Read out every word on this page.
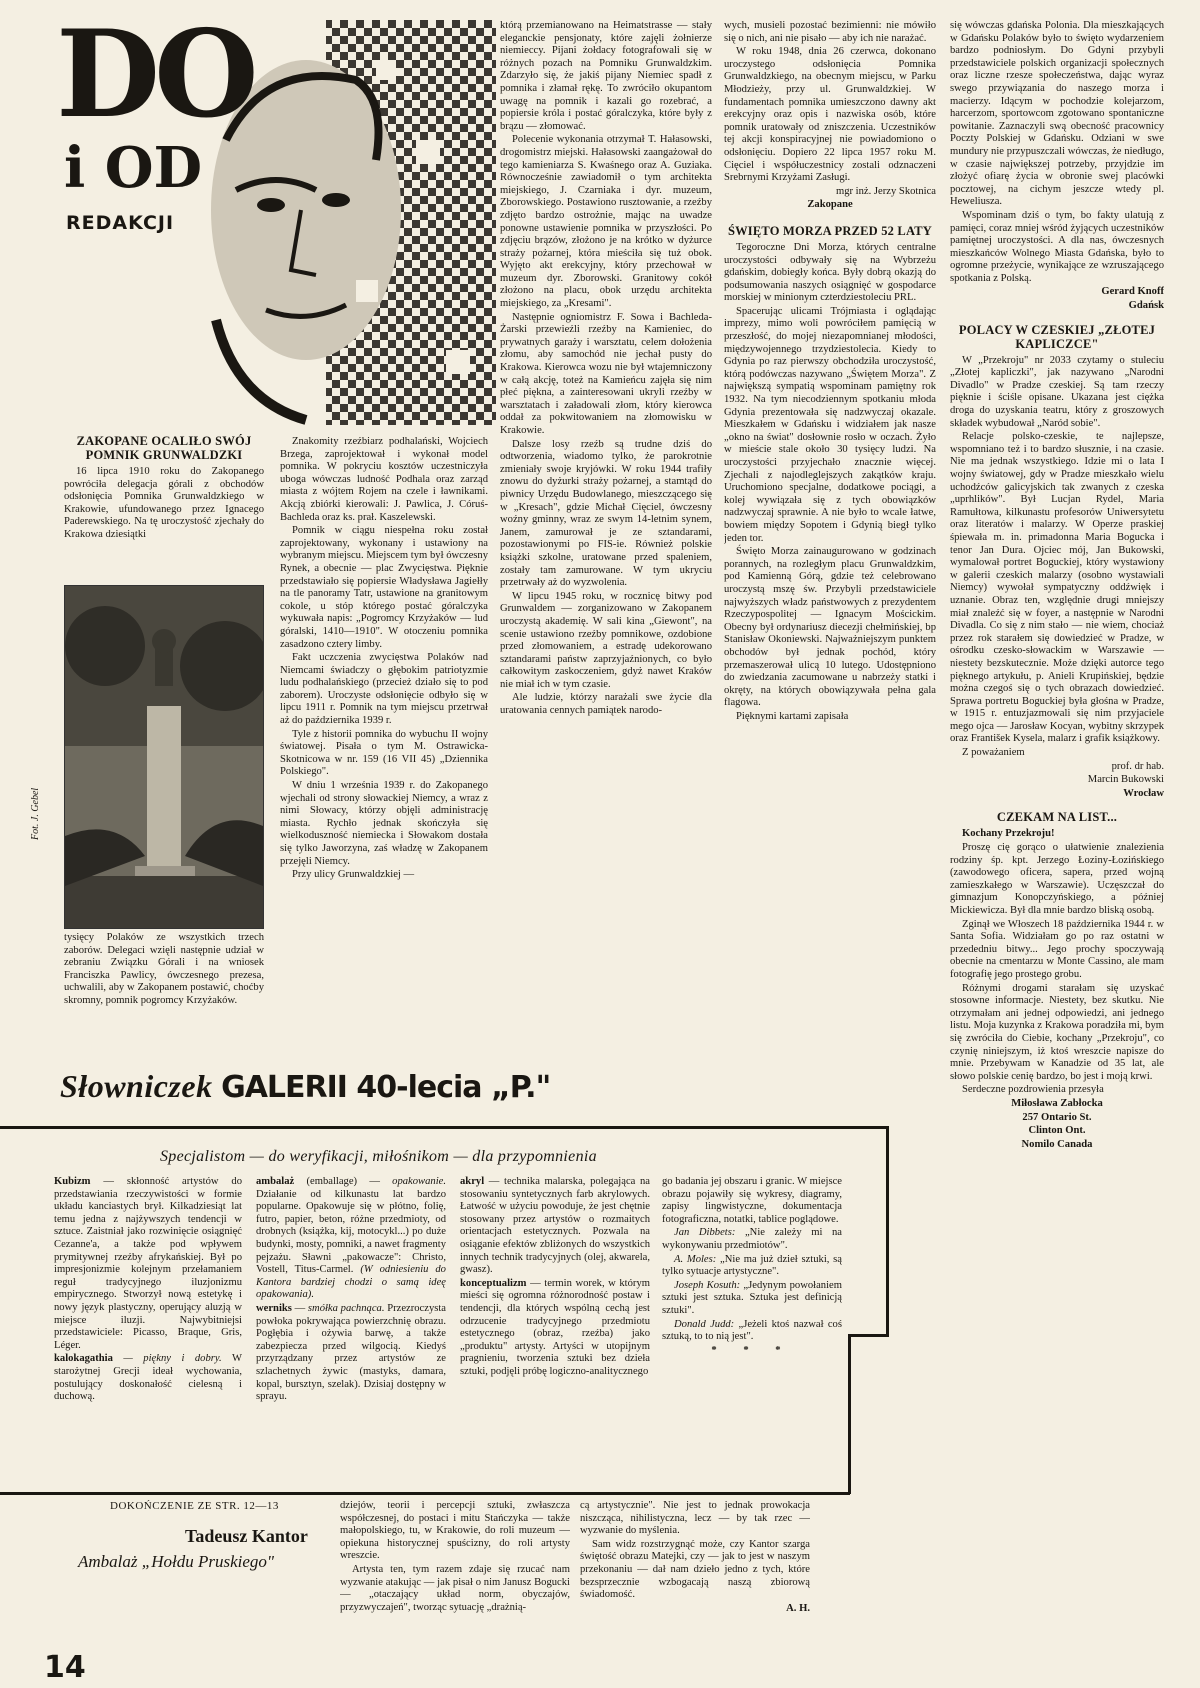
DO
i OD
REDAKCJI
ZAKOPANE OCALIŁO SWÓJ POMNIK GRUNWALDZKI

16 lipca 1910 roku do Zakopanego powróciła delegacja górali z obchodów odsłonięcia Pomnika Grunwaldzkiego w Krakowie, ufundowanego przez Ignacego Paderewskiego. Na tę uroczystość zjechały do Krakowa dziesiątki

Fot. J. Gebel

tysięcy Polaków ze wszystkich trzech zaborów. Delegaci wzięli następnie udział w zebraniu Związku Górali i na wniosek Franciszka Pawlicy, ówczesnego prezesa, uchwalili, aby w Zakopanem postawić, choćby skromny, pomnik pogromcy Krzyżaków.

Znakomity rzeźbiarz podhalański, Wojciech Brzega, zaprojektował i wykonał model pomnika. W pokryciu kosztów uczestniczyła uboga wówczas ludność Podhala oraz zarząd miasta z wójtem Rojem na czele i ławnikami. Akcją zbiórki kierowali: J. Pawlica, J. Córuś-Bachleda oraz ks. prał. Kaszelewski.

Pomnik w ciągu niespełna roku został zaprojektowany, wykonany i ustawiony na wybranym miejscu. Miejscem tym był ówczesny Rynek, a obecnie — plac Zwycięstwa. Pięknie przedstawiało się popiersie Władysława Jagiełły na tle panoramy Tatr, ustawione na granitowym cokole, u stóp którego postać góralczyka wykuwała napis: „Pogromcy Krzyżaków — lud góralski, 1410—1910". W otoczeniu pomnika zasadzono cztery limby.

Fakt uczczenia zwycięstwa Polaków nad Niemcami świadczy o głębokim patriotyzmie ludu podhalańskiego (przecież działo się to pod zaborem). Uroczyste odsłonięcie odbyło się w lipcu 1911 r. Pomnik na tym miejscu przetrwał aż do października 1939 r.

Tyle z historii pomnika do wybuchu II wojny światowej. Pisała o tym M. Ostrawicka-Skotnicowa w nr. 159 (16 VII 45) „Dziennika Polskiego".

W dniu 1 września 1939 r. do Zakopanego wjechali od strony słowackiej Niemcy, a wraz z nimi Słowacy, którzy objęli administrację miasta. Rychło jednak skończyła się wielkoduszność niemiecka i Słowakom dostała się tylko Jaworzyna, zaś władzę w Zakopanem przejęli Niemcy.

Przy ulicy Grunwaldzkiej —

którą przemianowano na Heimatstrasse — stały eleganckie pensjonaty, które zajęli żołnierze niemieccy. Pijani żołdacy fotografowali się w różnych pozach na Pomniku Grunwaldzkim. Zdarzyło się, że jakiś pijany Niemiec spadł z pomnika i złamał rękę. To zwróciło okupantom uwagę na pomnik i kazali go rozebrać, a popiersie króla i postać góralczyka, które były z brązu — złomować.

Polecenie wykonania otrzymał T. Hałasowski, drogomistrz miejski. Hałasowski zaangażował do tego kamieniarza S. Kwaśnego oraz A. Guziaka. Równocześnie zawiadomił o tym architekta miejskiego, J. Czarniaka i dyr. muzeum, Zborowskiego. Postawiono rusztowanie, a rzeźby zdjęto bardzo ostrożnie, mając na uwadze ponowne ustawienie pomnika w przyszłości. Po zdjęciu brązów, złożono je na krótko w dyżurce straży pożarnej, która mieściła się tuż obok. Wyjęto akt erekcyjny, który przechował w muzeum dyr. Zborowski. Granitowy cokół złożono na placu, obok urzędu architekta miejskiego, za „Kresami".

Następnie ogniomistrz F. Sowa i Bachleda-Żarski przewieźli rzeźby na Kamieniec, do prywatnych garaży i warsztatu, celem dołożenia złomu, aby samochód nie jechał pusty do Krakowa. Kierowca wozu nie był wtajemniczony w całą akcję, toteż na Kamieńcu zajęła się nim płeć piękna, a zainteresowani ukryli rzeźby w warsztatach i załadowali złom, który kierowca oddał za pokwitowaniem na złomowisku w Krakowie.

Dalsze losy rzeźb są trudne dziś do odtworzenia, wiadomo tylko, że parokrotnie zmieniały swoje kryjówki. W roku 1944 trafiły znowu do dyżurki straży pożarnej, a stamtąd do piwnicy Urzędu Budowlanego, mieszczącego się w „Kresach", gdzie Michał Cięciel, ówczesny woźny gminny, wraz ze swym 14-letnim synem, Janem, zamurował je ze sztandarami, pozostawionymi po FIS-ie. Również polskie książki szkolne, uratowane przed spaleniem, zostały tam zamurowane. W tym ukryciu przetrwały aż do wyzwolenia.

W lipcu 1945 roku, w rocznicę bitwy pod Grunwaldem — zorganizowano w Zakopanem uroczystą akademię. W sali kina „Giewont", na scenie ustawiono rzeźby pomnikowe, ozdobione przed złomowaniem, a estradę udekorowano sztandarami państw zaprzyjaźnionych, co było całkowitym zaskoczeniem, gdyż nawet Kraków nie miał ich w tym czasie.

Ale ludzie, którzy narażali swe życie dla uratowania cennych pamiątek narodo-

wych, musieli pozostać bezimienni: nie mówiło się o nich, ani nie pisało — aby ich nie narażać.

W roku 1948, dnia 26 czerwca, dokonano uroczystego odsłonięcia Pomnika Grunwaldzkiego, na obecnym miejscu, w Parku Młodzieży, przy ul. Grunwaldzkiej. W fundamentach pomnika umieszczono dawny akt erekcyjny oraz opis i nazwiska osób, które pomnik uratowały od zniszczenia. Uczestników tej akcji konspiracyjnej nie powiadomiono o odsłonięciu. Dopiero 22 lipca 1957 roku M. Cięciel i współuczestnicy zostali odznaczeni Srebrnymi Krzyżami Zasługi.

mgr inż. Jerzy Skotnica

Zakopane

ŚWIĘTO MORZA PRZED 52 LATY

Tegoroczne Dni Morza, których centralne uroczystości odbywały się na Wybrzeżu gdańskim, dobiegły końca. Były dobrą okazją do podsumowania naszych osiągnięć w gospodarce morskiej w minionym czterdziestoleciu PRL.

Spacerując ulicami Trójmiasta i oglądając imprezy, mimo woli powróciłem pamięcią w przeszłość, do mojej niezapomnianej młodości, międzywojennego trzydziestolecia. Kiedy to Gdynia po raz pierwszy obchodziła uroczystość, którą podówczas nazywano „Świętem Morza". Z największą sympatią wspominam pamiętny rok 1932. Na tym niecodziennym spotkaniu młoda Gdynia prezentowała się nadzwyczaj okazale. Mieszkałem w Gdańsku i widziałem jak nasze „okno na świat" dosłownie rosło w oczach. Żyło w mieście stale około 30 tysięcy ludzi. Na uroczystości przyjechało znacznie więcej. Zjechali z najodleglejszych zakątków kraju. Uruchomiono specjalne, dodatkowe pociągi, a kolej wywiązała się z tych obowiązków nadzwyczaj sprawnie. A nie było to wcale łatwe, bowiem między Sopotem i Gdynią biegł tylko jeden tor.

Święto Morza zainaugurowano w godzinach porannych, na rozległym placu Grunwaldzkim, pod Kamienną Górą, gdzie też celebrowano uroczystą mszę św. Przybyli przedstawiciele najwyższych władz państwowych z prezydentem Rzeczypospolitej — Ignacym Mościckim. Obecny był ordynariusz diecezji chełmińskiej, bp Stanisław Okoniewski. Najważniejszym punktem obchodów był jednak pochód, który przemaszerował ulicą 10 lutego. Udostępniono do zwiedzania zacumowane u nabrzeży statki i okręty, na których obowiązywała pełna gala flagowa.

Pięknymi kartami zapisała

się wówczas gdańska Polonia. Dla mieszkających w Gdańsku Polaków było to święto wydarzeniem bardzo podniosłym. Do Gdyni przybyli przedstawiciele polskich organizacji społecznych oraz liczne rzesze społeczeństwa, dając wyraz swego przywiązania do naszego morza i macierzy. Idącym w pochodzie kolejarzom, harcerzom, sportowcom zgotowano spontaniczne powitanie. Zaznaczyli swą obecność pracownicy Poczty Polskiej w Gdańsku. Odziani w swe mundury nie przypuszczali wówczas, że niedługo, w czasie największej potrzeby, przyjdzie im złożyć ofiarę życia w obronie swej placówki pocztowej, na cichym jeszcze wtedy pl. Heweliusza.

Wspominam dziś o tym, bo fakty ulatują z pamięci, coraz mniej wśród żyjących uczestników pamiętnej uroczystości. A dla nas, ówczesnych mieszkańców Wolnego Miasta Gdańska, było to ogromne przeżycie, wynikające ze wzruszającego spotkania z Polską.

Gerard Knoff

Gdańsk

POLACY W CZESKIEJ „ZŁOTEJ KAPLICZCE"

W „Przekroju" nr 2033 czytamy o stuleciu „Złotej kapliczki", jak nazywano „Narodni Divadlo" w Pradze czeskiej. Są tam rzeczy pięknie i ściśle opisane. Ukazana jest ciężka droga do uzyskania teatru, który z groszowych składek wybudował „Naród sobie".

Relacje polsko-czeskie, te najlepsze, wspomniano też i to bardzo słusznie, i na czasie. Nie ma jednak wszystkiego. Idzie mi o lata I wojny światowej, gdy w Pradze mieszkało wielu uchodźców galicyjskich tak zwanych z czeska „uprhlików". Był Lucjan Rydel, Maria Ramułtowa, kilkunastu profesorów Uniwersytetu oraz literatów i malarzy. W Operze praskiej śpiewała m. in. primadonna Maria Bogucka i tenor Jan Dura. Ojciec mój, Jan Bukowski, wymalował portret Boguckiej, który wystawiony w galerii czeskich malarzy (osobno wystawiali Niemcy) wywołał sympatyczny oddźwięk i uznanie. Obraz ten, względnie drugi mniejszy miał znaleźć się w foyer, a następnie w Narodni Divadla. Co się z nim stało — nie wiem, chociaż przez rok starałem się dowiedzieć w Pradze, w ośrodku czesko-słowackim w Warszawie — niestety bezskutecznie. Może dzięki autorce tego pięknego artykułu, p. Anieli Krupińskiej, będzie można czegoś się o tych obrazach dowiedzieć. Sprawa portretu Boguckiej była głośna w Pradze, w 1915 r. entuzjazmowali się nim przyjaciele mego ojca — Jarosław Kocyan, wybitny skrzypek oraz František Kysela, malarz i grafik książkowy.

Z poważaniem

prof. dr hab.

Marcin Bukowski

Wrocław

CZEKAM NA LIST...

Kochany Przekroju!

Proszę cię gorąco o ułatwienie znalezienia rodziny śp. kpt. Jerzego Łoziny-Łozińskiego (zawodowego oficera, sapera, przed wojną zamieszkałego w Warszawie). Uczęszczał do gimnazjum Konopczyńskiego, a później Mickiewicza. Był dla mnie bardzo bliską osobą.

Zginął we Włoszech 18 października 1944 r. w Santa Sofia. Widziałam go po raz ostatni w przededniu bitwy... Jego prochy spoczywają obecnie na cmentarzu w Monte Cassino, ale mam fotografię jego prostego grobu.

Różnymi drogami starałam się uzyskać stosowne informacje. Niestety, bez skutku. Nie otrzymałam ani jednej odpowiedzi, ani jednego listu. Moja kuzynka z Krakowa poradziła mi, bym się zwróciła do Ciebie, kochany „Przekroju", co czynię niniejszym, iż ktoś wreszcie napisze do mnie. Przebywam w Kanadzie od 35 lat, ale słowo polskie cenię bardzo, bo jest i moją krwi.

Serdeczne pozdrowienia przesyła

Miłosława Zabłocka

257 Ontario St.

Clinton Ont.

Nomilo Canada

Słowniczek GALERII 40-lecia „P."
Specjalistom — do weryfikacji, miłośnikom — dla przypomnienia

Kubizm — skłonność artystów do przedstawiania rzeczywistości w formie układu kanciastych brył. Kilkadziesiąt lat temu jedna z najżywszych tendencji w sztuce. Zaistniał jako rozwinięcie osiągnięć Cezanne'a, a także pod wpływem prymitywnej rzeźby afrykańskiej. Był po impresjonizmie kolejnym przełamaniem reguł tradycyjnego iluzjonizmu empirycznego. Stworzył nową estetykę i nowy język plastyczny, operujący aluzją w miejsce iluzji. Najwybitniejsi przedstawiciele: Picasso, Braque, Gris, Léger.

kalokagathia — piękny i dobry. W starożytnej Grecji ideał wychowania, postulujący doskonałość cielesną i duchową.

ambalaż (emballage) — opakowanie. Działanie od kilkunastu lat bardzo popularne. Opakowuje się w płótno, folię, futro, papier, beton, różne przedmioty, od drobnych (książka, kij, motocykl...) po duże budynki, mosty, pomniki, a nawet fragmenty pejzażu. Sławni „pakowacze": Christo, Vostell, Titus-Carmel. (W odniesieniu do Kantora bardziej chodzi o samą ideę opakowania).

werniks — smółka pachnąca. Przezroczysta powłoka pokrywająca powierzchnię obrazu. Pogłębia i ożywia barwę, a także zabezpiecza przed wilgocią. Kiedyś przyrządzany przez artystów ze szlachetnych żywic (mastyks, damara, kopal, bursztyn, szelak). Dzisiaj dostępny w sprayu.

akryl — technika malarska, polegająca na stosowaniu syntetycznych farb akrylowych. Łatwość w użyciu powoduje, że jest chętnie stosowany przez artystów o rozmaitych orientacjach estetycznych. Pozwala na osiąganie efektów zbliżonych do wszystkich innych technik tradycyjnych (olej, akwarela, gwasz).

konceptualizm — termin worek, w którym mieści się ogromna różnorodność postaw i tendencji, dla których wspólną cechą jest odrzucenie tradycyjnego przedmiotu estetycznego (obraz, rzeźba) jako „produktu" artysty. Artyści w utopijnym pragnieniu, tworzenia sztuki bez dzieła sztuki, podjęli próbę logiczno-analitycznego

go badania jej obszaru i granic. W miejsce obrazu pojawiły się wykresy, diagramy, zapisy lingwistyczne, dokumentacja fotograficzna, notatki, tablice poglądowe.

Jan Dibbets: „Nie zależy mi na wykonywaniu przedmiotów".

A. Moles: „Nie ma już dzieł sztuki, są tylko sytuacje artystyczne".

Joseph Kosuth: „Jedynym powołaniem sztuki jest sztuka. Sztuka jest definicją sztuki".

Donald Judd: „Jeżeli ktoś nazwał coś sztuką, to to nią jest".

* * *

DOKOŃCZENIE ZE STR. 12—13
Tadeusz Kantor
Ambalaż „Hołdu Pruskiego"

dziejów, teorii i percepcji sztuki, zwłaszcza współczesnej, do postaci i mitu Stańczyka — także małopolskiego, tu, w Krakowie, do roli muzeum — opiekuna historycznej spuścizny, do roli artysty wreszcie.

Artysta ten, tym razem zdaje się rzucać nam wyzwanie atakując — jak pisał o nim Janusz Bogucki — „otaczający układ norm, obyczajów, przyzwyczajeń", tworząc sytuację „drażnią-

cą artystycznie". Nie jest to jednak prowokacja niszcząca, nihilistyczna, lecz — by tak rzec — wyzwanie do myślenia.

Sam widz rozstrzygnąć może, czy Kantor szarga świętość obrazu Matejki, czy — jak to jest w naszym przekonaniu — dał nam dzieło jedno z tych, które bezsprzecznie wzbogacają naszą zbiorową świadomość.

A. H.

14
